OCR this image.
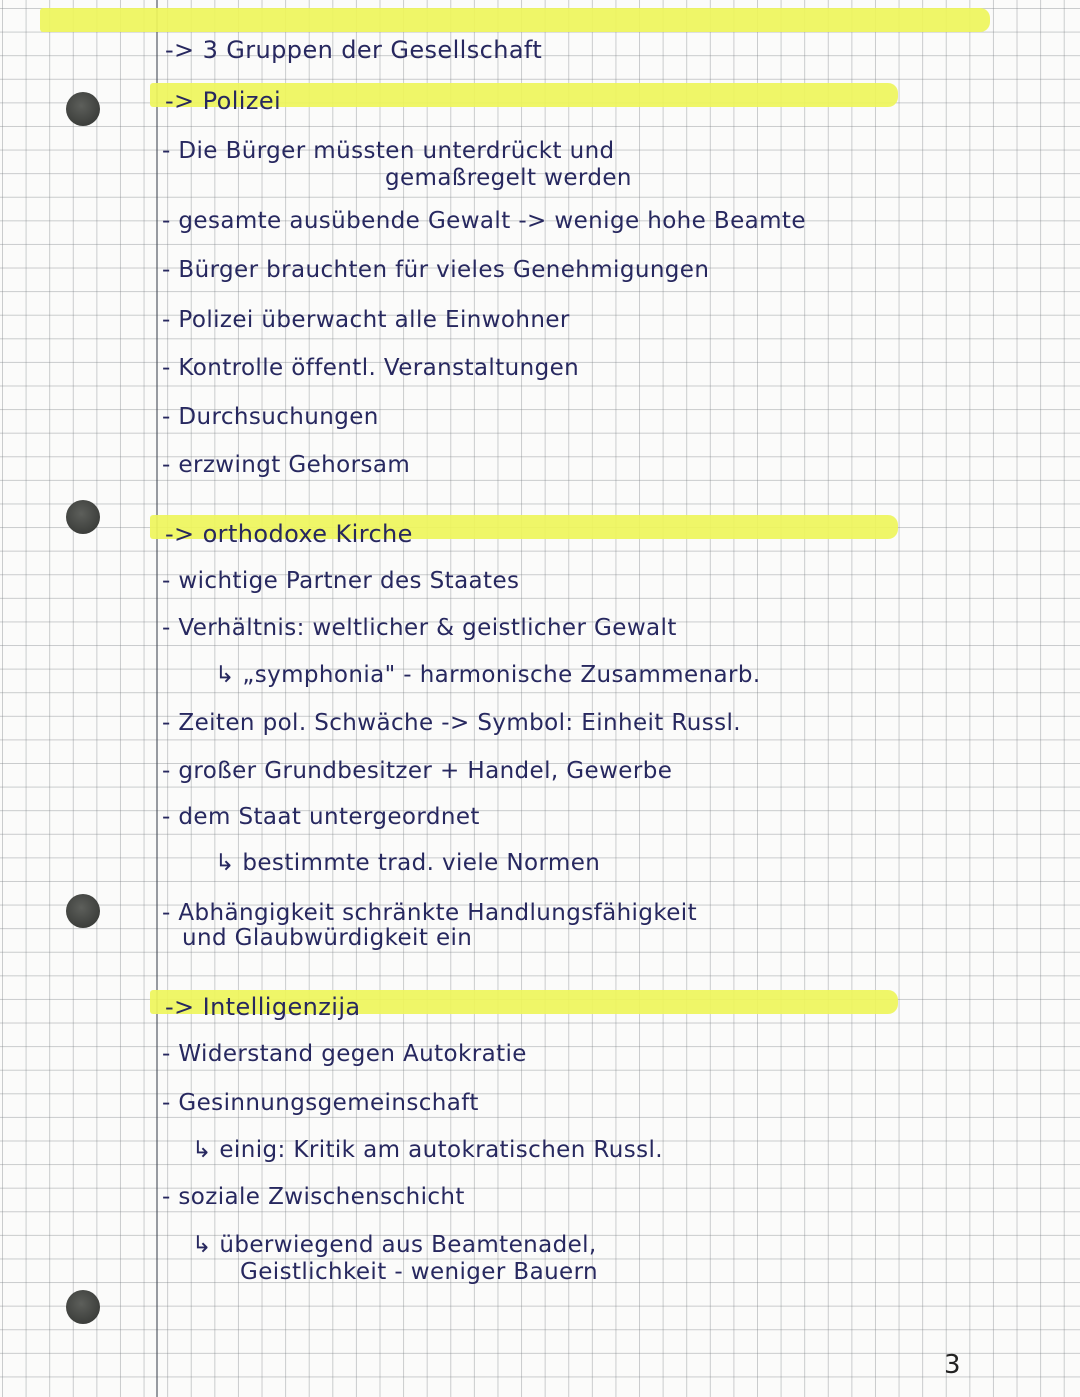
-> 3 Gruppen der Gesellschaft
-> Polizei
- Die Bürger müssten unterdrückt und
gemaßregelt werden
- gesamte ausübende Gewalt -> wenige hohe Beamte
- Bürger brauchten für vieles Genehmigungen
- Polizei überwacht alle Einwohner
- Kontrolle öffentl. Veranstaltungen
- Durchsuchungen
- erzwingt Gehorsam
-> orthodoxe Kirche
- wichtige Partner des Staates
- Verhältnis: weltlicher & geistlicher Gewalt
↳ „symphonia" - harmonische Zusammenarb.
- Zeiten pol. Schwäche -> Symbol: Einheit Russl.
- großer Grundbesitzer + Handel, Gewerbe
- dem Staat untergeordnet
↳ bestimmte trad. viele Normen
- Abhängigkeit schränkte Handlungsfähigkeit
und Glaubwürdigkeit ein
-> Intelligenzija
- Widerstand gegen Autokratie
- Gesinnungsgemeinschaft
↳ einig: Kritik am autokratischen Russl.
- soziale Zwischenschicht
↳ überwiegend aus Beamtenadel,
Geistlichkeit - weniger Bauern
3
